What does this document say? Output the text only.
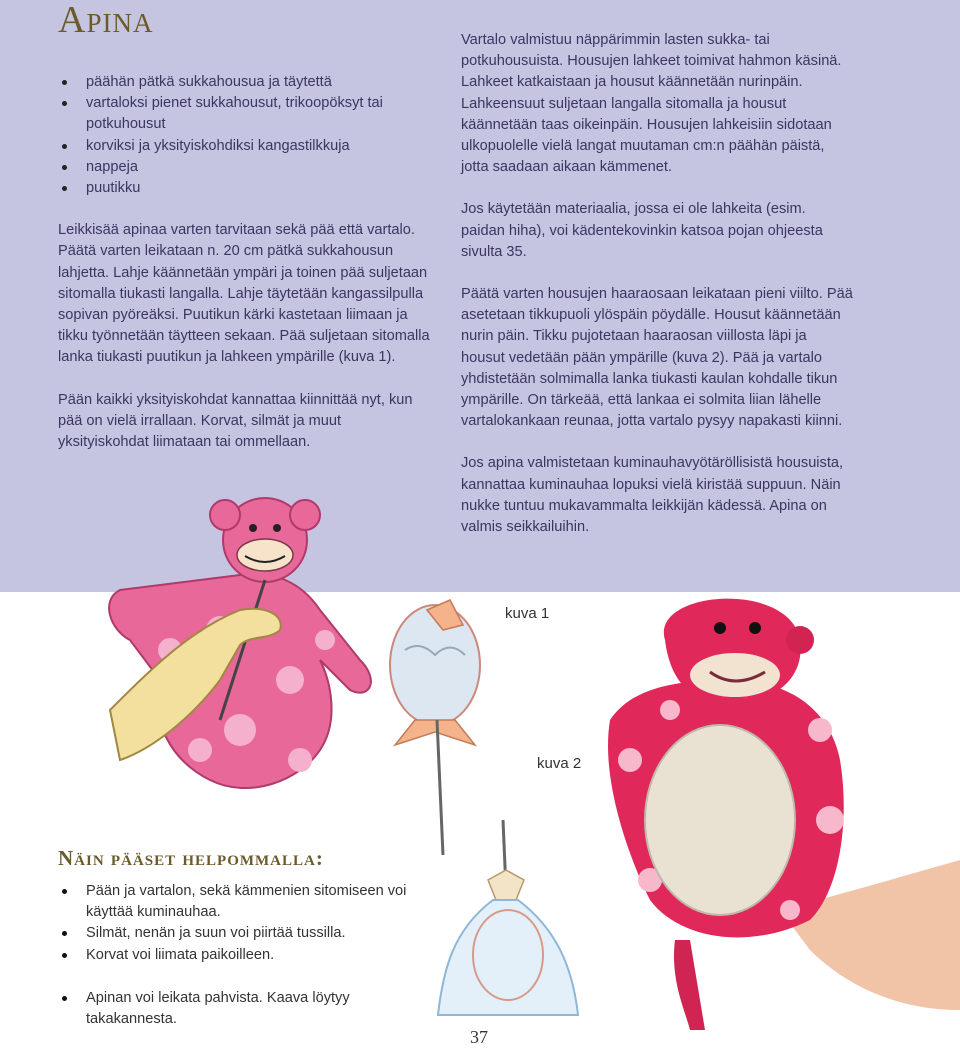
Apina
päähän pätkä sukkahousua ja täytettä
vartaloksi pienet sukkahousut, trikoopöksyt tai potkuhousut
korviksi ja yksityiskohdiksi kangastilkkuja
nappeja
puutikku

Leikkisää apinaa varten tarvitaan sekä pää että vartalo. Päätä varten leikataan n. 20 cm pätkä sukkahousun lahjetta. Lahje käännetään ympäri ja toinen pää suljetaan sitomalla tiukasti langalla. Lahje täytetään kangassilpulla sopivan pyöreäksi. Puutikun kärki kastetaan liimaan ja tikku työnnetään täytteen sekaan. Pää suljetaan sitomalla lanka tiukasti puutikun ja lahkeen ympärille (kuva 1).

Pään kaikki yksityiskohdat kannattaa kiinnittää nyt, kun pää on vielä irrallaan. Korvat, silmät ja muut yksityiskohdat liimataan tai ommellaan.

Vartalo valmistuu näppärimmin lasten sukka- tai potkuhousuista. Housujen lahkeet toimivat hahmon käsinä. Lahkeet katkaistaan ja housut käännetään nurinpäin. Lahkeensuut suljetaan langalla sitomalla ja housut käännetään taas oikeinpäin. Housujen lahkeisiin sidotaan ulkopuolelle vielä langat muutaman cm:n päähän päistä, jotta saadaan aikaan kämmenet.

Jos käytetään materiaalia, jossa ei ole lahkeita (esim. paidan hiha), voi kädentekovinkin katsoa pojan ohjeesta sivulta 35.

Päätä varten housujen haaraosaan leikataan pieni viilto. Pää asetetaan tikkupuoli ylöspäin pöydälle. Housut käännetään nurin päin. Tikku pujotetaan haaraosan viillosta läpi ja housut vedetään pään ympärille (kuva 2). Pää ja vartalo yhdistetään solmimalla lanka tiukasti kaulan kohdalle tikun ympärille. On tärkeää, että lankaa ei solmita liian lähelle vartalokankaan reunaa, jotta vartalo pysyy napakasti kiinni.

Jos apina valmistetaan kuminauhavyötäröllisistä housuista, kannattaa kuminauhaa lopuksi vielä kiristää suppuun. Näin nukke tuntuu mukavammalta leikkijän kädessä. Apina on valmis seikkailuihin.

kuva 1
kuva 2
Näin pääset helpommalla:
Pään ja vartalon, sekä kämmenien sitomiseen voi käyttää kuminauhaa.
Silmät, nenän ja suun voi piirtää tussilla.
Korvat voi liimata paikoilleen.
Apinan voi leikata pahvista. Kaava löytyy takakannesta.
37
